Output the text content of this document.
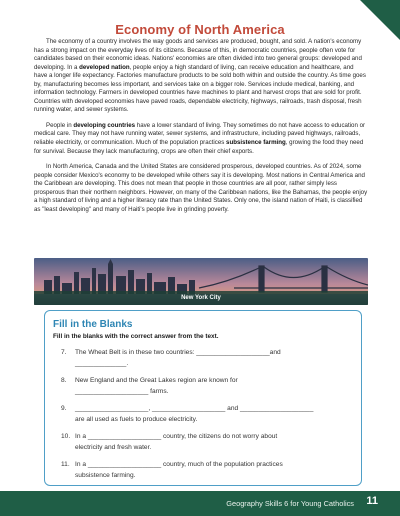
Economy of North America

The economy of a country involves the way goods and services are produced, bought, and sold. A nation's economy has a strong impact on the everyday lives of its citizens. Because of this, in democratic countries, people often vote for candidates based on their economic ideas. Nations' economies are often divided into two general groups: developed and developing. In a developed nation, people enjoy a high standard of living, can receive education and healthcare, and have a longer life expectancy. Factories manufacture products to be sold both within and outside the country. As time goes by, manufacturing becomes less important, and services take on a bigger role. Services include medical, banking, and information technology. Farmers in developed countries have machines to plant and harvest crops that are sold for profit. Countries with developed economies have paved roads, dependable electricity, highways, railroads, trash disposal, fresh running water, and sewer systems.

People in developing countries have a lower standard of living. They sometimes do not have access to education or medical care. They may not have running water, sewer systems, and infrastructure, including paved highways, railroads, reliable electricity, or communication. Much of the population practices subsistence farming, growing the food they need for survival. Because they lack manufacturing, crops are often their chief exports.

In North America, Canada and the United States are considered prosperous, developed countries. As of 2024, some people consider Mexico's economy to be developed while others say it is developing. Most nations in Central America and the Caribbean are developing. This does not mean that people in those countries are all poor, rather simply less prosperous than their northern neighbors. However, on many of the Caribbean nations, like the Bahamas, the people enjoy a high standard of living and a higher literacy rate than the United States. Only one, the island nation of Haiti, is classified as "least developing" and many of Haiti's people live in grinding poverty.

New York City
Fill in the Blanks
Fill in the blanks with the correct answer from the text.
7. The Wheat Belt is in these two countries: ____________________and
______________.
8. New England and the Great Lakes region are known for
____________________ farms.
9. ____________________, ____________________ and ____________________
are all used as fuels to produce electricity.
10. In a ____________________ country, the citizens do not worry about
electricity and fresh water.
11. In a ____________________ country, much of the population practices
subsistence farming.
Geography Skills 6 for Young Catholics 11
